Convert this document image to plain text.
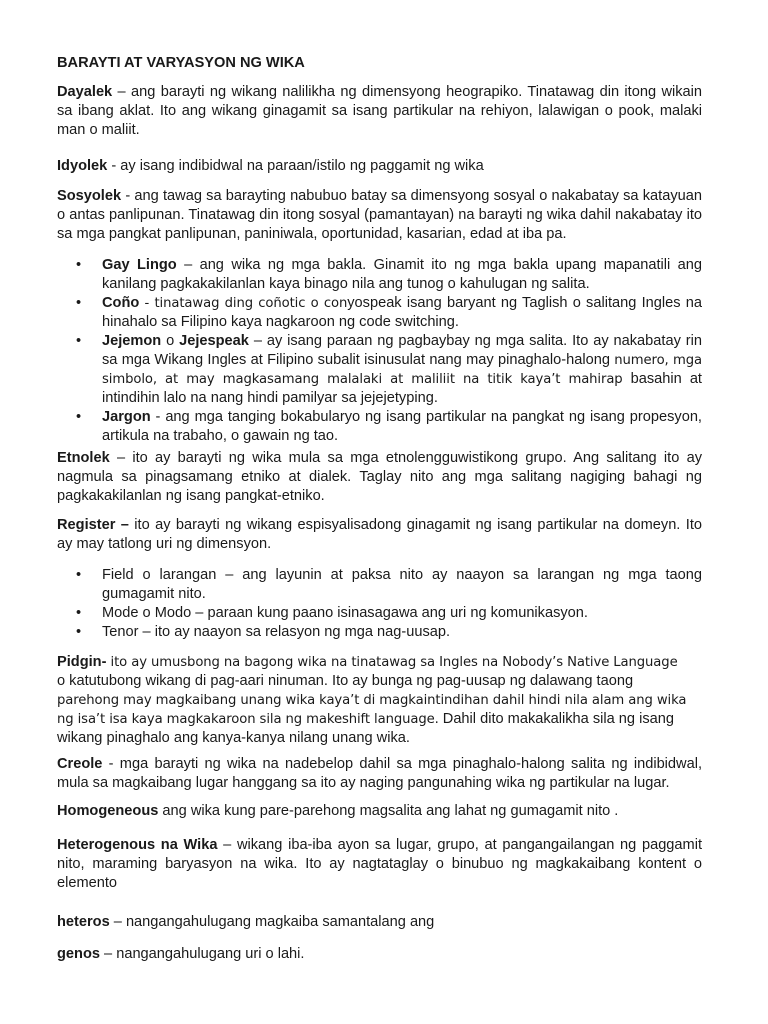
BARAYTI AT VARYASYON NG WIKA

Dayalek – ang barayti ng wikang nalilikha ng dimensyong heograpiko. Tinatawag din itong wikain sa ibang aklat. Ito ang wikang ginagamit sa isang partikular na rehiyon, lalawigan o pook, malaki man o maliit.

Idyolek - ay isang indibidwal na paraan/istilo ng paggamit ng wika

Sosyolek - ang tawag sa barayting nabubuo batay sa dimensyong sosyal o nakabatay sa katayuan o antas panlipunan. Tinatawag din itong sosyal (pamantayan) na barayti ng wika dahil nakabatay ito sa mga pangkat panlipunan, paniniwala, oportunidad, kasarian, edad at iba pa.

• Gay Lingo – ang wika ng mga bakla. Ginamit ito ng mga bakla upang mapanatili ang kanilang pagkakakilanlan kaya binago nila ang tunog o kahulugan ng salita.
• Coño - tinatawag ding coñotic o conyospeak isang baryant ng Taglish o salitang Ingles na hinahalo sa Filipino kaya nagkaroon ng code switching.
• Jejemon o Jejespeak – ay isang paraan ng pagbaybay ng mga salita. Ito ay nakabatay rin sa mga Wikang Ingles at Filipino subalit isinusulat nang may pinaghalo-halong numero, mga simbolo, at may magkasamang malalaki at maliliit na titik kaya’t mahirap basahin at intindihin lalo na nang hindi pamilyar sa jejejetyping.
• Jargon - ang mga tanging bokabularyo ng isang partikular na pangkat ng isang propesyon, artikula na trabaho, o gawain ng tao.

Etnolek – ito ay barayti ng wika mula sa mga etnolengguwistikong grupo. Ang salitang ito ay nagmula sa pinagsamang etniko at dialek. Taglay nito ang mga salitang nagiging bahagi ng pagkakakilanlan ng isang pangkat-etniko.

Register – ito ay barayti ng wikang espisyalisadong ginagamit ng isang partikular na domeyn. Ito ay may tatlong uri ng dimensyon.

• Field o larangan – ang layunin at paksa nito ay naayon sa larangan ng mga taong gumagamit nito.
• Mode o Modo – paraan kung paano isinasagawa ang uri ng komunikasyon.
• Tenor – ito ay naayon sa relasyon ng mga nag-uusap.
Pidgin- ito ay umusbong na bagong wika na tinatawag sa Ingles na Nobody’s Native Language
o katutubong wikang di pag-aari ninuman. Ito ay bunga ng pag-uusap ng dalawang taong
parehong may magkaibang unang wika kaya’t di magkaintindihan dahil hindi nila alam ang wika
ng isa’t isa kaya magkakaroon sila ng makeshift language. Dahil dito makakalikha sila ng isang
wikang pinaghalo ang kanya-kanya nilang unang wika.

Creole - mga barayti ng wika na nadebelop dahil sa mga pinaghalo-halong salita ng indibidwal, mula sa magkaibang lugar hanggang sa ito ay naging pangunahing wika ng partikular na lugar.

Homogeneous ang wika kung pare-parehong magsalita ang lahat ng gumagamit nito .

Heterogenous na Wika – wikang iba-iba ayon sa lugar, grupo, at pangangailangan ng paggamit nito, maraming baryasyon na wika. Ito ay nagtataglay o binubuo ng magkakaibang kontent o elemento

heteros – nangangahulugang magkaiba samantalang ang

genos – nangangahulugang uri o lahi.
